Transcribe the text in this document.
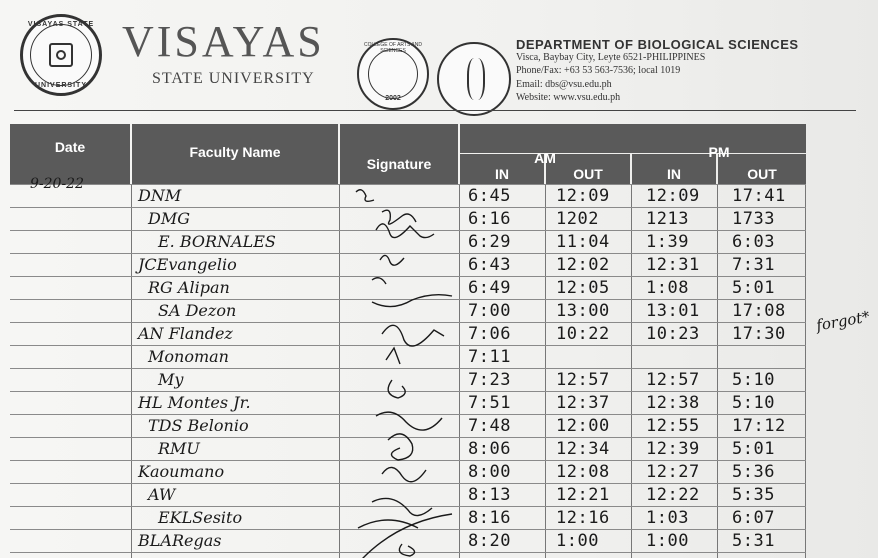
VISAYAS STATE
UNIVERSITY
VISAYAS
STATE UNIVERSITY
COLLEGE OF ARTS AND SCIENCES
2002
DEPARTMENT OF BIOLOGICAL SCIENCES
Visca, Baybay City, Leyte 6521-PHILIPPINES
Phone/Fax: +63 53 563-7536; local 1019
Email: dbs@vsu.edu.ph
Website: www.vsu.edu.ph
Date	Faculty Name
Signature	AM	PM
IN	OUT	IN	OUT
9-20-22
DNM	6:45	12:09 12:09 17:41
DMG	6:16	1202	1213	1733
E. BORNALES	6:29	11:04 1:39	6:03
JCEvangelio	6:43	12:02 12:31 7:31
RG Alipan	6:49	12:05 1:08	5:01
SA Dezon	7:00	13:00 13:01 17:08
AN Flandez	7:06	10:22 10:23 17:30
Monoman	7:11
My	7:23	12:57 12:57 5:10
HL Montes Jr.	7:51	12:37 12:38 5:10
TDS Belonio	7:48	12:00 12:55 17:12
RMU	8:06	12:34 12:39 5:01
Kaoumano	8:00	12:08 12:27 5:36
AW	8:13	12:21 12:22 5:35
EKLSesito	8:16	12:16 1:03	6:07
BLARegas	8:20	1:00	1:00	5:31
forgot*
